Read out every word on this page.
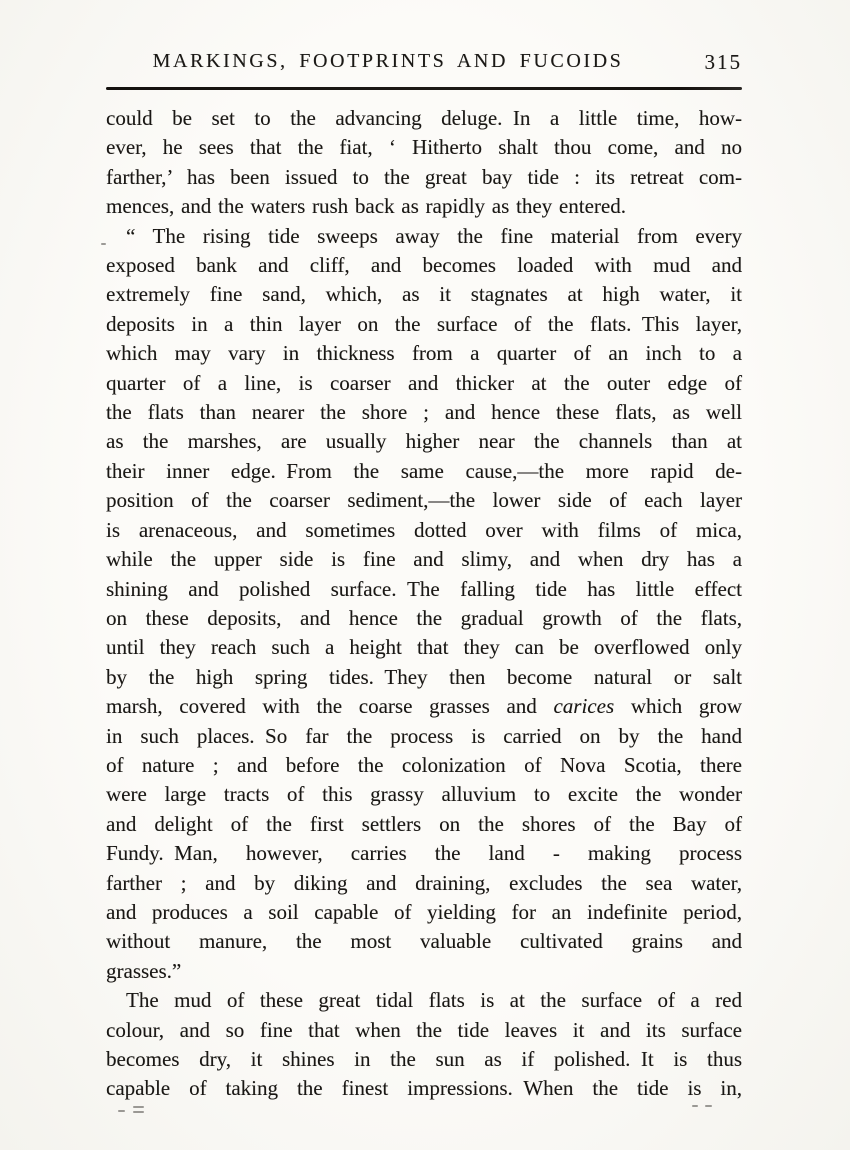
MARKINGS, FOOTPRINTS AND FUCOIDS	315
could be set to the advancing deluge. In a little time, how-
ever, he sees that the fiat, ‘ Hitherto shalt thou come, and no
farther,’ has been issued to the great bay tide : its retreat com-
mences, and the waters rush back as rapidly as they entered.
“ The rising tide sweeps away the fine material from every
exposed bank and cliff, and becomes loaded with mud and
extremely fine sand, which, as it stagnates at high water, it
deposits in a thin layer on the surface of the flats. This layer,
which may vary in thickness from a quarter of an inch to a
quarter of a line, is coarser and thicker at the outer edge of
the flats than nearer the shore ; and hence these flats, as well
as the marshes, are usually higher near the channels than at
their inner edge. From the same cause,—the more rapid de-
position of the coarser sediment,—the lower side of each layer
is arenaceous, and sometimes dotted over with films of mica,
while the upper side is fine and slimy, and when dry has a
shining and polished surface. The falling tide has little effect
on these deposits, and hence the gradual growth of the flats,
until they reach such a height that they can be overflowed only
by the high spring tides. They then become natural or salt
marsh, covered with the coarse grasses and carices which grow
in such places. So far the process is carried on by the hand
of nature ; and before the colonization of Nova Scotia, there
were large tracts of this grassy alluvium to excite the wonder
and delight of the first settlers on the shores of the Bay of
Fundy. Man, however, carries the land - making process
farther ; and by diking and draining, excludes the sea water,
and produces a soil capable of yielding for an indefinite period,
without manure, the most valuable cultivated grains and
grasses.”
The mud of these great tidal flats is at the surface of a red
colour, and so fine that when the tide leaves it and its surface
becomes dry, it shines in the sun as if polished. It is thus
capable of taking the finest impressions. When the tide is in,
